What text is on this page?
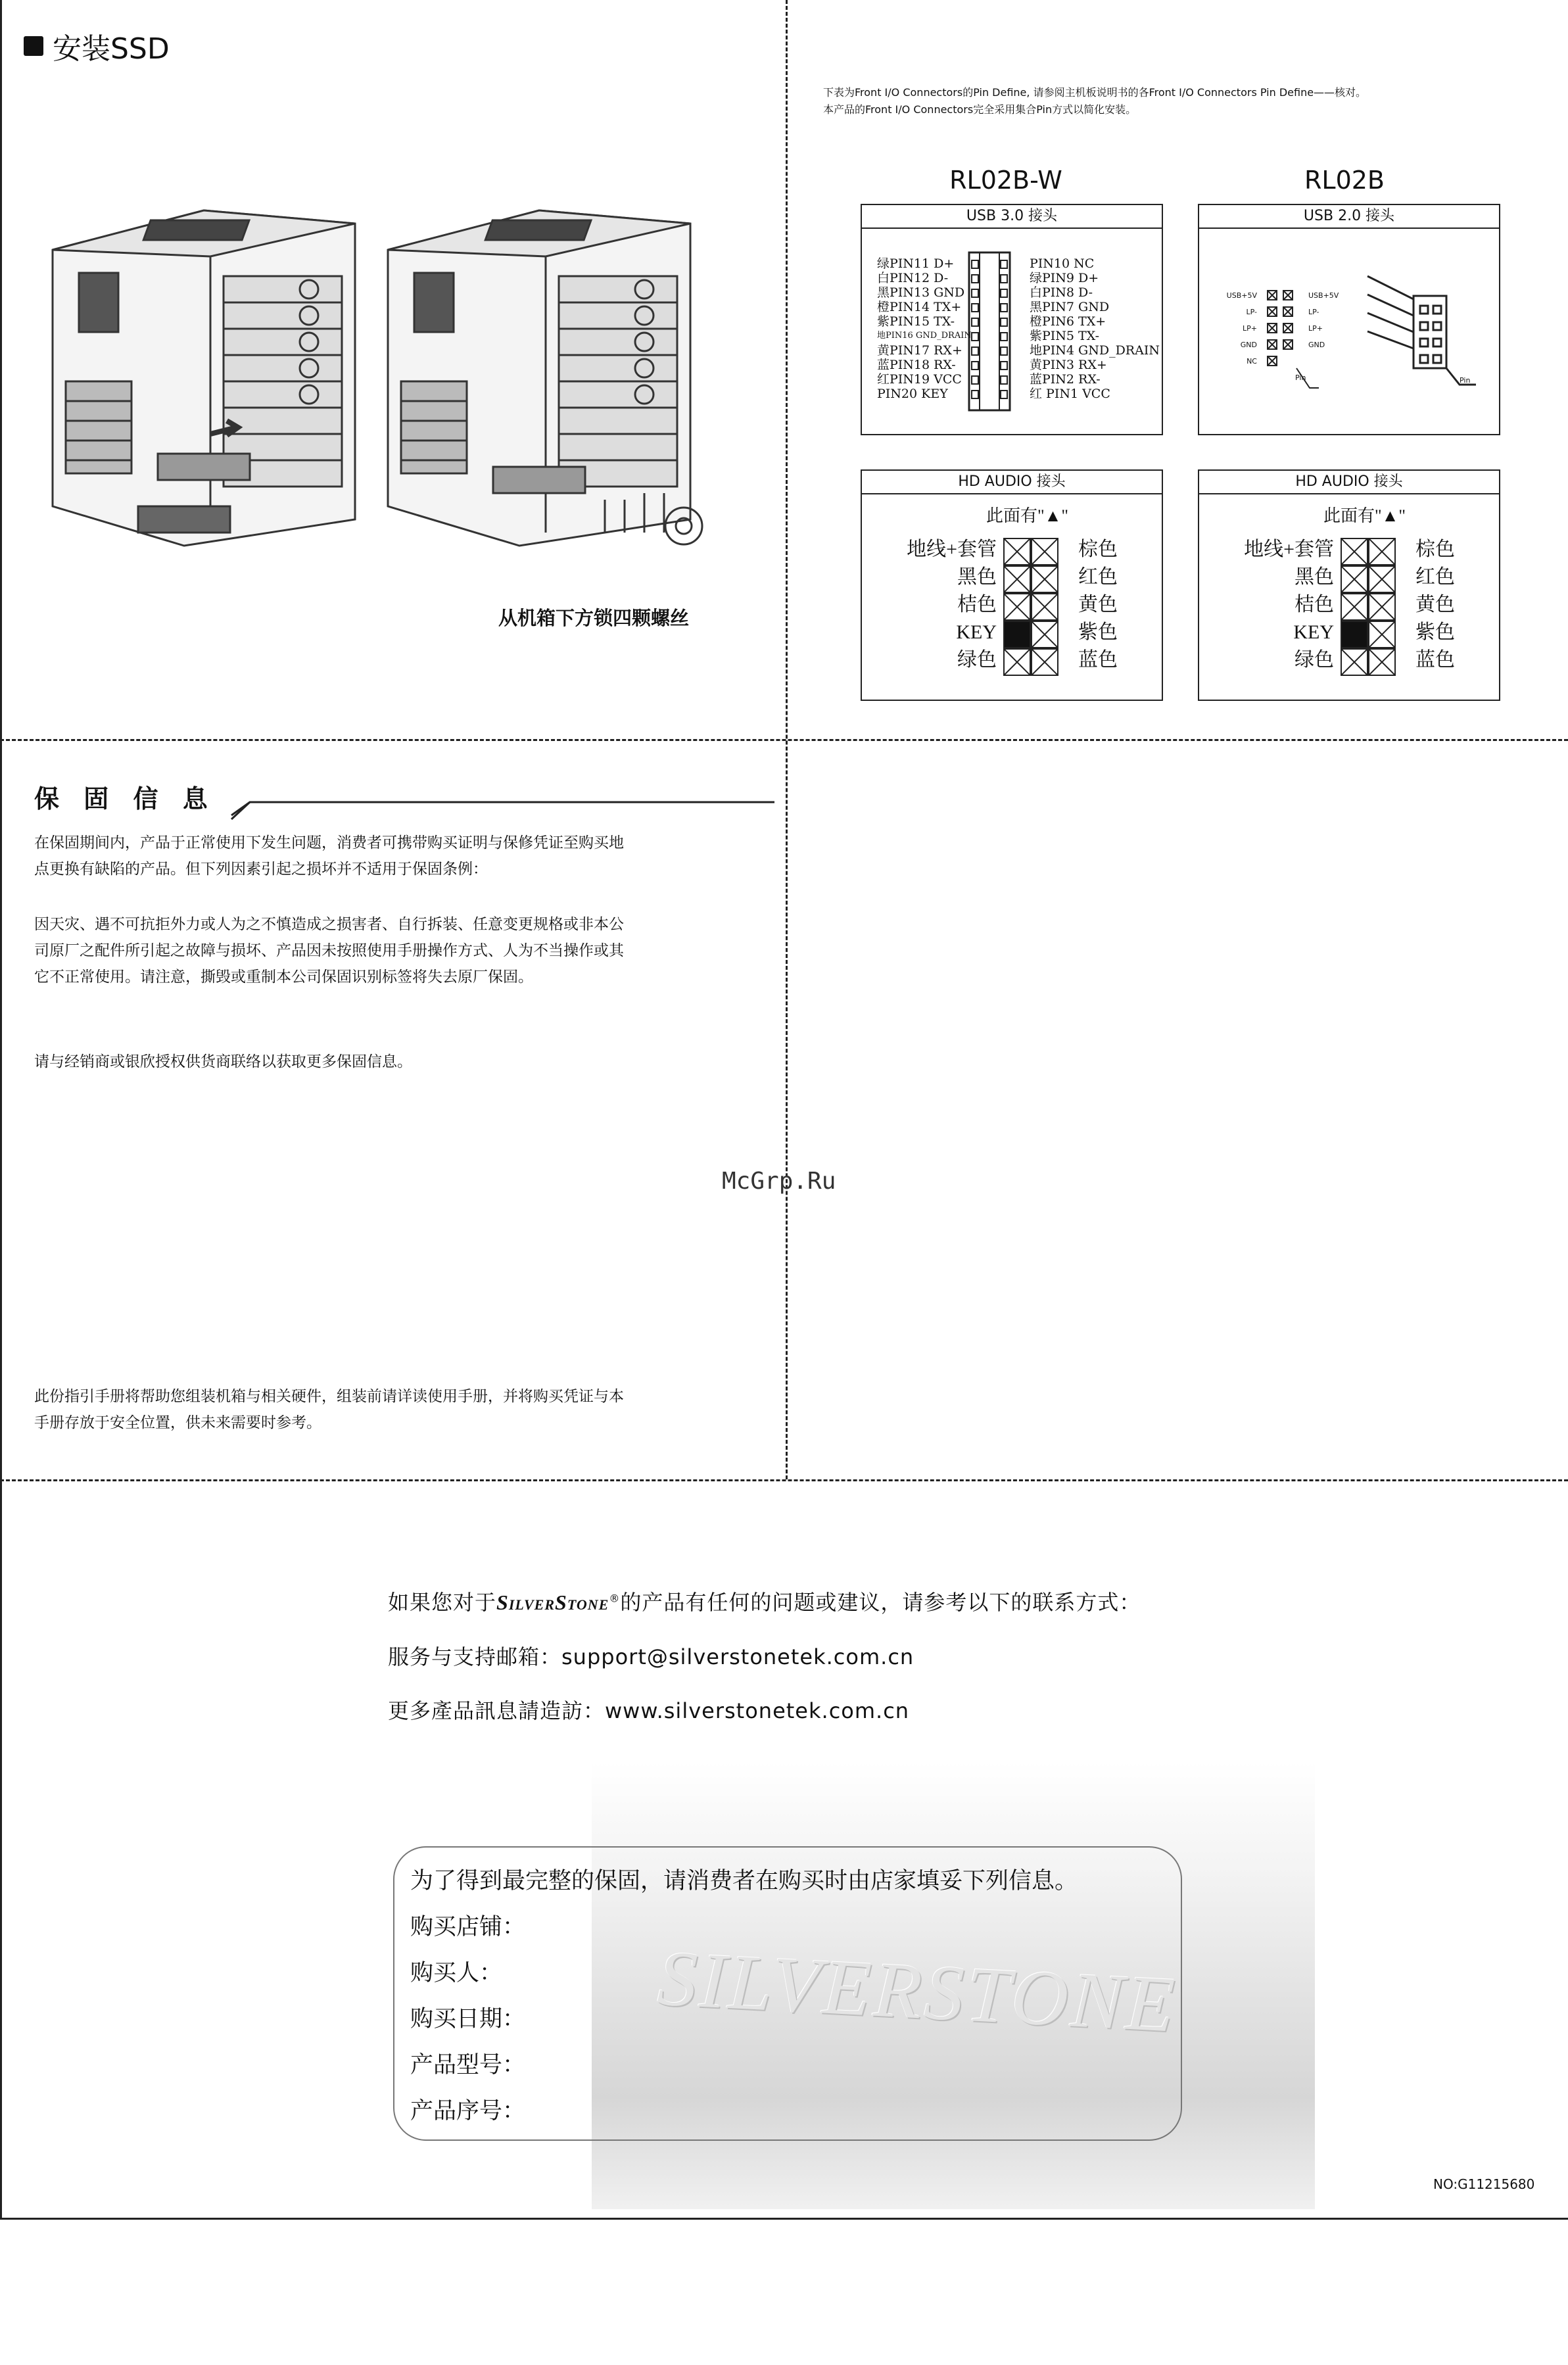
安装SSD
从机箱下方锁四颗螺丝
下表为Front I/O Connectors的Pin Define, 请参阅主机板说明书的各Front I/O Connectors Pin Define——核对。
本产品的Front I/O Connectors完全采用集合Pin方式以简化安装。
RL02B-W	RL02B
USB 3.0 接头
绿PIN11 D+
白PIN12 D-
黑PIN13 GND
橙PIN14 TX+
紫PIN15 TX-
地PIN16 GND_DRAIN
黄PIN17 RX+
蓝PIN18 RX-
红PIN19 VCC
PIN20 KEY
PIN10 NC
绿PIN9 D+
白PIN8 D-
黑PIN7 GND
橙PIN6 TX+
紫PIN5 TX-
地PIN4 GND_DRAIN
黄PIN3 RX+
蓝PIN2 RX-
红 PIN1 VCC
USB 2.0 接头
USB+5V
LP-
LP+
GND
NC
Pin
USB+5V
LP-
LP+
GND
Pin
HD AUDIO 接头
此面有"▲"
地线+套管
黑色
桔色
KEY
绿色
棕色
红色
黄色
紫色
蓝色
HD AUDIO 接头
此面有"▲"
地线+套管
黑色
桔色
KEY
绿色
棕色
红色
黄色
紫色
蓝色
保 固 信 息
在保固期间内，产品于正常使用下发生问题，消费者可携带购买证明与保修凭证至购买地
点更换有缺陷的产品。但下列因素引起之损坏并不适用于保固条例：
因天灾、遇不可抗拒外力或人为之不慎造成之损害者、自行拆装、任意变更规格或非本公
司原厂之配件所引起之故障与损坏、产品因未按照使用手册操作方式、人为不当操作或其
它不正常使用。请注意，撕毁或重制本公司保固识别标签将失去原厂保固。
请与经销商或银欣授权供货商联络以获取更多保固信息。
McGrp.Ru
此份指引手册将帮助您组装机箱与相关硬件，组装前请详读使用手册，并将购买凭证与本
手册存放于安全位置，供未来需要时参考。
如果您对于SilverStone®的产品有任何的问题或建议，请参考以下的联系方式：
服务与支持邮箱：support@silverstonetek.com.cn
更多產品訊息請造訪：www.silverstonetek.com.cn
SILVERSTONE
为了得到最完整的保固，请消费者在购买时由店家填妥下列信息。
购买店铺：
购买人：
购买日期：
产品型号：
产品序号：
NO:G11215680
